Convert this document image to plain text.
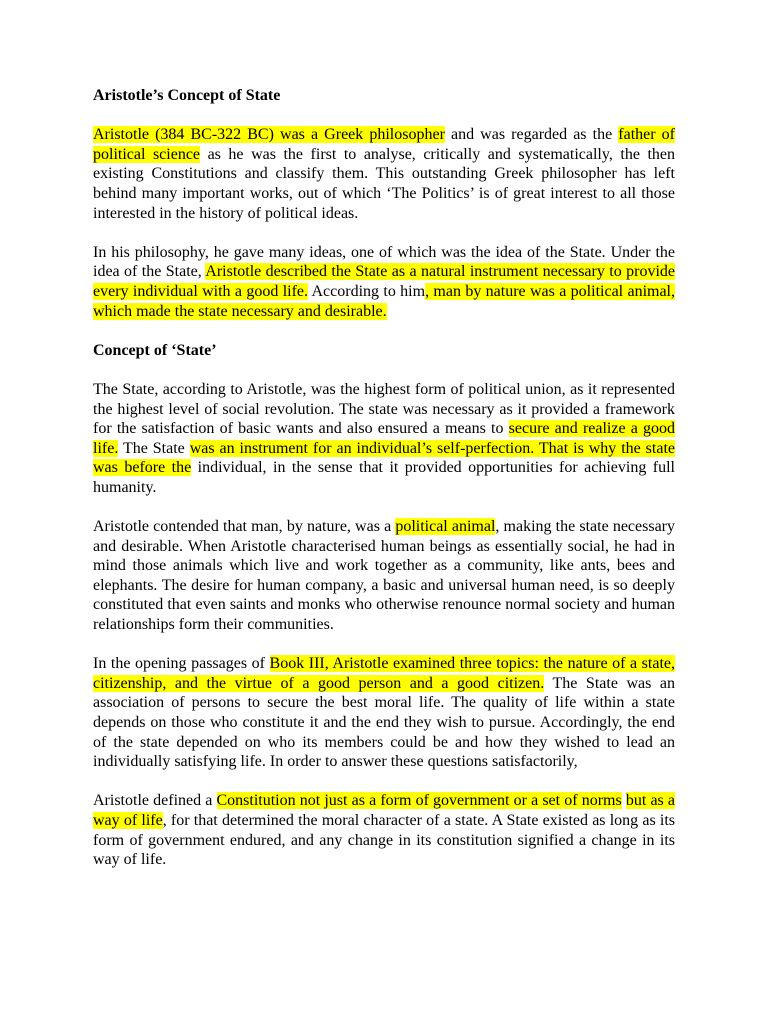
Aristotle’s Concept of State
Aristotle (384 BC-322 BC) was a Greek philosopher and was regarded as the father of political science as he was the first to analyse, critically and systematically, the then existing Constitutions and classify them. This outstanding Greek philosopher has left behind many important works, out of which ‘The Politics’ is of great interest to all those interested in the history of political ideas.
In his philosophy, he gave many ideas, one of which was the idea of the State. Under the idea of the State, Aristotle described the State as a natural instrument necessary to provide every individual with a good life. According to him, man by nature was a political animal, which made the state necessary and desirable.
Concept of ‘State’
The State, according to Aristotle, was the highest form of political union, as it represented the highest level of social revolution. The state was necessary as it provided a framework for the satisfaction of basic wants and also ensured a means to secure and realize a good life. The State was an instrument for an individual’s self-perfection. That is why the state was before the individual, in the sense that it provided opportunities for achieving full humanity.
Aristotle contended that man, by nature, was a political animal, making the state necessary and desirable. When Aristotle characterised human beings as essentially social, he had in mind those animals which live and work together as a community, like ants, bees and elephants. The desire for human company, a basic and universal human need, is so deeply constituted that even saints and monks who otherwise renounce normal society and human relationships form their communities.
In the opening passages of Book III, Aristotle examined three topics: the nature of a state, citizenship, and the virtue of a good person and a good citizen. The State was an association of persons to secure the best moral life. The quality of life within a state depends on those who constitute it and the end they wish to pursue. Accordingly, the end of the state depended on who its members could be and how they wished to lead an individually satisfying life. In order to answer these questions satisfactorily,
Aristotle defined a Constitution not just as a form of government or a set of norms but as a way of life, for that determined the moral character of a state. A State existed as long as its form of government endured, and any change in its constitution signified a change in its way of life.
